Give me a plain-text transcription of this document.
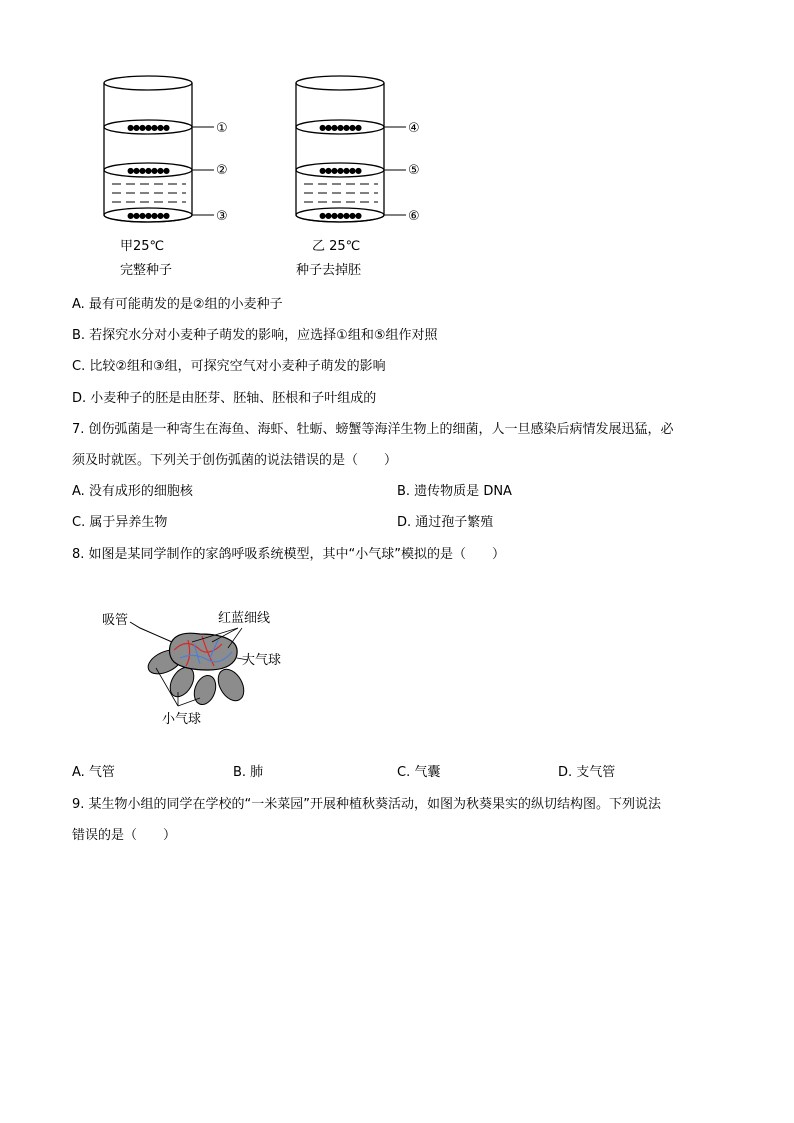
●●●●●●●
●●●●●●●
●●●●●●●
①
②
③
●●●●●●●
●●●●●●●
●●●●●●●
④
⑤
⑥
甲25℃
完整种子
乙 25℃
种子去掉胚
A. 最有可能萌发的是②组的小麦种子
B. 若探究水分对小麦种子萌发的影响，应选择①组和⑤组作对照
C. 比较②组和③组，可探究空气对小麦种子萌发的影响
D. 小麦种子的胚是由胚芽、胚轴、胚根和子叶组成的
7. 创伤弧菌是一种寄生在海鱼、海虾、牡蛎、螃蟹等海洋生物上的细菌，人一旦感染后病情发展迅猛，必
须及时就医。下列关于创伤弧菌的说法错误的是（　　）
A. 没有成形的细胞核	B. 遗传物质是 DNA
C. 属于异养生物	D. 通过孢子繁殖
8. 如图是某同学制作的家鸽呼吸系统模型，其中“小气球”模拟的是（　　）
吸管	红蓝细线
大气球
小气球
A. 气管	B. 肺	C. 气囊	D. 支气管
9. 某生物小组的同学在学校的“一米菜园”开展种植秋葵活动，如图为秋葵果实的纵切结构图。下列说法
错误的是（　　）
